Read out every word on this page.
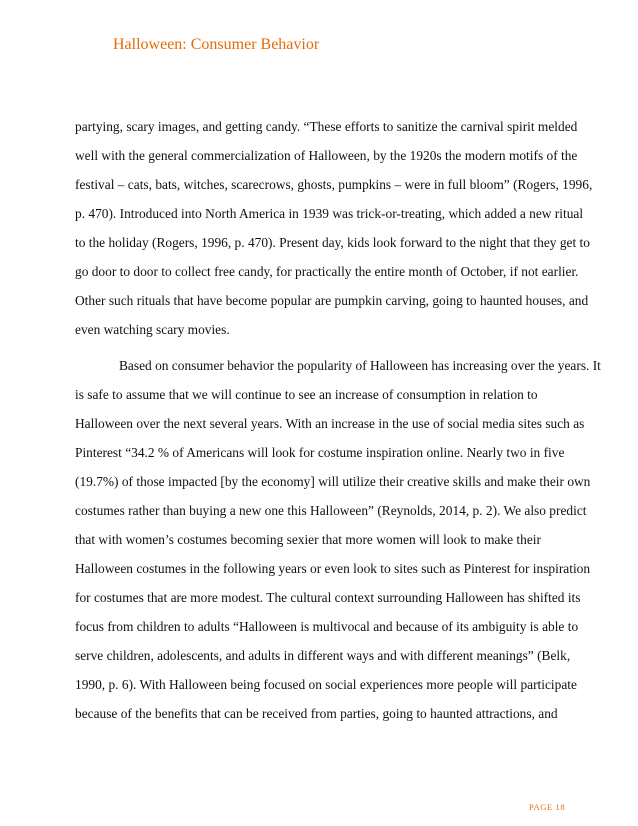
Halloween: Consumer Behavior
partying, scary images, and getting candy. “These efforts to sanitize the carnival spirit melded
well with the general commercialization of Halloween, by the 1920s the modern motifs of the
festival – cats, bats, witches, scarecrows, ghosts, pumpkins – were in full bloom” (Rogers, 1996,
p. 470). Introduced into North America in 1939 was trick-or-treating, which added a new ritual
to the holiday (Rogers, 1996, p. 470). Present day, kids look forward to the night that they get to
go door to door to collect free candy, for practically the entire month of October, if not earlier.
Other such rituals that have become popular are pumpkin carving, going to haunted houses, and
even watching scary movies.
Based on consumer behavior the popularity of Halloween has increasing over the years. It
is safe to assume that we will continue to see an increase of consumption in relation to
Halloween over the next several years. With an increase in the use of social media sites such as
Pinterest “34.2 % of Americans will look for costume inspiration online. Nearly two in five
(19.7%) of those impacted [by the economy] will utilize their creative skills and make their own
costumes rather than buying a new one this Halloween” (Reynolds, 2014, p. 2). We also predict
that with women’s costumes becoming sexier that more women will look to make their
Halloween costumes in the following years or even look to sites such as Pinterest for inspiration
for costumes that are more modest. The cultural context surrounding Halloween has shifted its
focus from children to adults “Halloween is multivocal and because of its ambiguity is able to
serve children, adolescents, and adults in different ways and with different meanings” (Belk,
1990, p. 6). With Halloween being focused on social experiences more people will participate
because of the benefits that can be received from parties, going to haunted attractions, and
PAGE 18
